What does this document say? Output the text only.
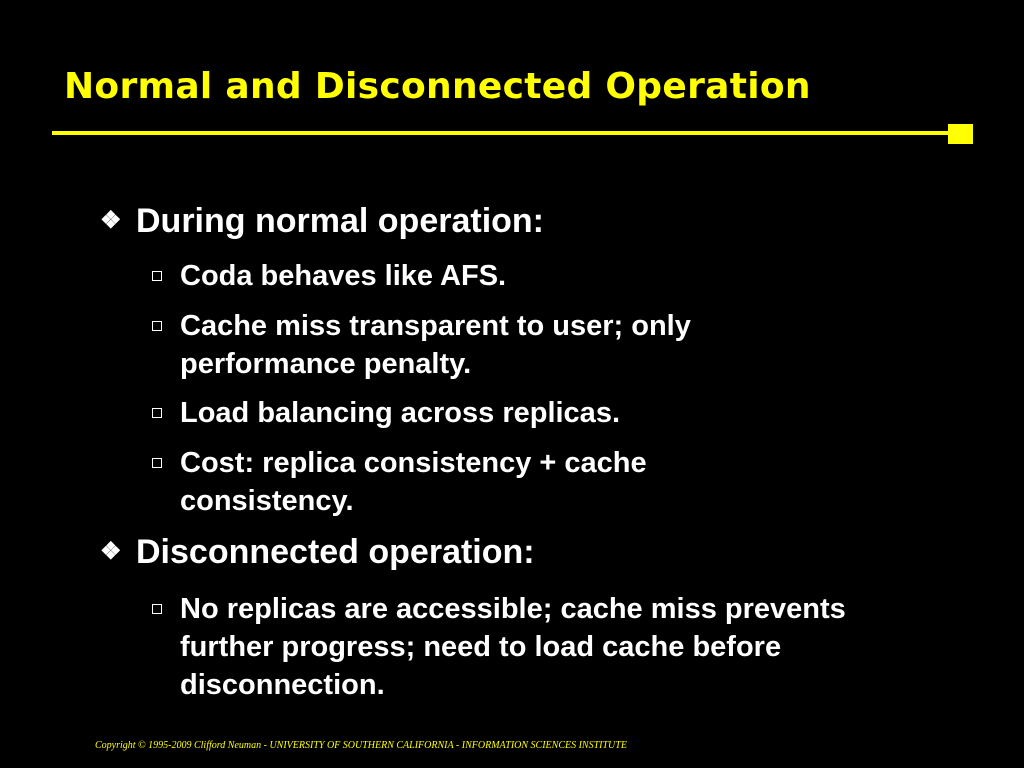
Normal and Disconnected Operation
❖ During normal operation:
Coda behaves like AFS.
Cache miss transparent to user; only performance penalty.
Load balancing across replicas.
Cost: replica consistency + cache consistency.
❖ Disconnected operation:
No replicas are accessible; cache miss prevents further progress; need to load cache before disconnection.
Copyright © 1995-2009 Clifford Neuman - UNIVERSITY OF SOUTHERN CALIFORNIA - INFORMATION SCIENCES INSTITUTE
